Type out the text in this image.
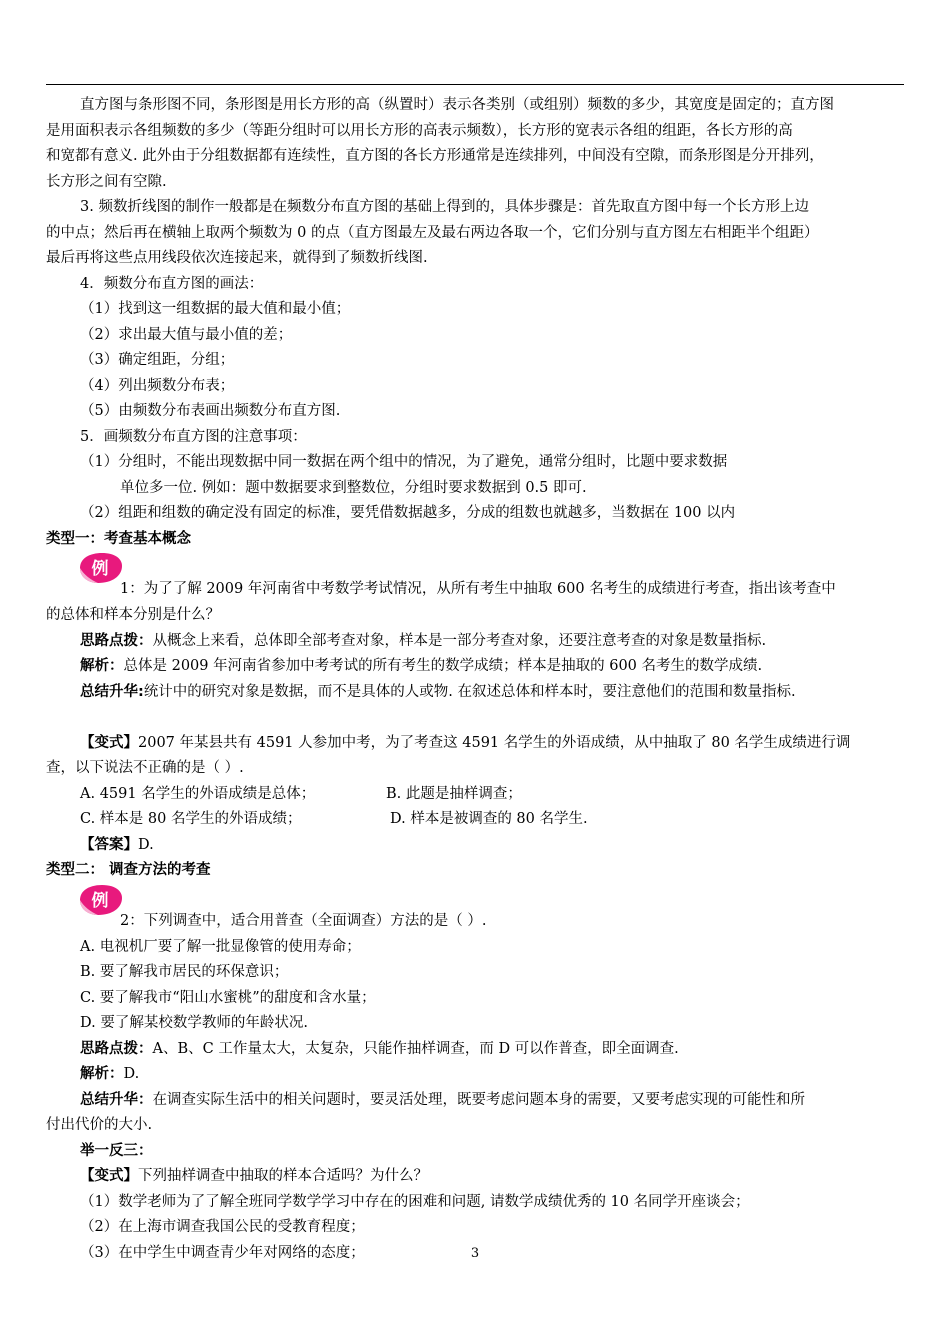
直方图与条形图不同，条形图是用长方形的高（纵置时）表示各类别（或组别）频数的多少，其宽度是固定的；直方图
是用面积表示各组频数的多少（等距分组时可以用长方形的高表示频数），长方形的宽表示各组的组距，各长方形的高
和宽都有意义. 此外由于分组数据都有连续性，直方图的各长方形通常是连续排列，中间没有空隙，而条形图是分开排列，
长方形之间有空隙.
3. 频数折线图的制作一般都是在频数分布直方图的基础上得到的，具体步骤是：首先取直方图中每一个长方形上边
的中点；然后再在横轴上取两个频数为 0 的点（直方图最左及最右两边各取一个，它们分别与直方图左右相距半个组距）
最后再将这些点用线段依次连接起来，就得到了频数折线图.
4．频数分布直方图的画法：
（1）找到这一组数据的最大值和最小值；
（2）求出最大值与最小值的差；
（3）确定组距，分组；
（4）列出频数分布表；
（5）由频数分布表画出频数分布直方图.
5．画频数分布直方图的注意事项：
（1）分组时，不能出现数据中同一数据在两个组中的情况，为了避免，通常分组时，比题中要求数据
单位多一位. 例如：题中数据要求到整数位，分组时要求数据到 0.5 即可.
（2）组距和组数的确定没有固定的标准，要凭借数据越多，分成的组数也就越多，当数据在 100 以内
类型一：考查基本概念
例
1：为了了解 2009 年河南省中考数学考试情况，从所有考生中抽取 600 名考生的成绩进行考查，指出该考查中
的总体和样本分别是什么？
思路点拨：从概念上来看，总体即全部考查对象，样本是一部分考查对象，还要注意考查的对象是数量指标.
解析：总体是 2009 年河南省参加中考考试的所有考生的数学成绩；样本是抽取的 600 名考生的数学成绩.
总结升华:统计中的研究对象是数据，而不是具体的人或物. 在叙述总体和样本时，要注意他们的范围和数量指标.
【变式】2007 年某县共有 4591 人参加中考，为了考查这 4591 名学生的外语成绩，从中抽取了 80 名学生成绩进行调
查，以下说法不正确的是（ ）.
A. 4591 名学生的外语成绩是总体；	B. 此题是抽样调查；
C. 样本是 80 名学生的外语成绩；	D. 样本是被调查的 80 名学生.
【答案】D.
类型二： 调查方法的考查
例
2：下列调查中，适合用普查（全面调查）方法的是（ ）.
A. 电视机厂要了解一批显像管的使用寿命；
B. 要了解我市居民的环保意识；
C. 要了解我市“阳山水蜜桃”的甜度和含水量；
D. 要了解某校数学教师的年龄状况.
思路点拨：A、B、C 工作量太大，太复杂，只能作抽样调查，而 D 可以作普查，即全面调查.
解析：D.
总结升华：在调查实际生活中的相关问题时，要灵活处理，既要考虑问题本身的需要，又要考虑实现的可能性和所
付出代价的大小.
举一反三：
【变式】下列抽样调查中抽取的样本合适吗？为什么？
（1）数学老师为了了解全班同学数学学习中存在的困难和问题, 请数学成绩优秀的 10 名同学开座谈会；
（2）在上海市调查我国公民的受教育程度；
（3）在中学生中调查青少年对网络的态度；	3
